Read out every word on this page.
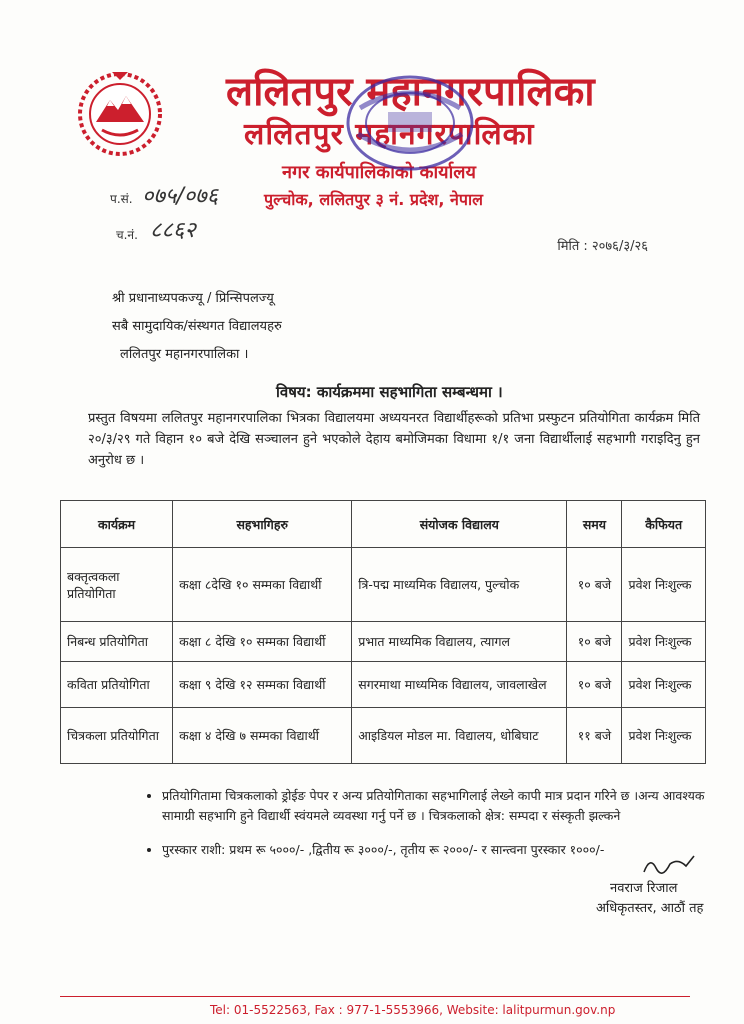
ललितपुर महानगरपालिका
ललितपुर महानगरपालिका
नगर कार्यपालिकाको कार्यालय
पुल्चोक, ललितपुर ३ नं. प्रदेश, नेपाल
प.सं. ०७५/०७६
च.नं. ८८६२
मिति : २०७६/३/२६
श्री प्रधानाध्यपकज्यू / प्रिन्सिपलज्यू
सबै सामुदायिक/संस्थगत विद्यालयहरु
ललितपुर महानगरपालिका ।
विषय: कार्यक्रममा सहभागिता सम्बन्धमा ।
प्रस्तुत विषयमा ललितपुर महानगरपालिका भित्रका विद्यालयमा अध्ययनरत विद्यार्थीहरूको प्रतिभा प्रस्फुटन प्रतियोगिता कार्यक्रम मिति २०/३/२९ गते विहान १० बजे देखि सञ्चालन हुने भएकोले देहाय बमोजिमका विधामा १/१ जना विद्यार्थीलाई सहभागी गराइदिनु हुन अनुरोध छ ।
कार्यक्रम	सहभागिहरु	संयोजक विद्यालय	समय	कैफियत
बक्तृत्वकला प्रतियोगिता	कक्षा ८देखि १० सम्मका विद्यार्थी	त्रि-पद्म माध्यमिक विद्यालय, पुल्चोक	१० बजे	प्रवेश निःशुल्क
निबन्ध प्रतियोगिता	कक्षा ८ देखि १० सम्मका विद्यार्थी	प्रभात माध्यमिक विद्यालय, त्यागल	१० बजे	प्रवेश निःशुल्क
कविता प्रतियोगिता	कक्षा ९ देखि १२ सम्मका विद्यार्थी	सगरमाथा माध्यमिक विद्यालय, जावलाखेल	१० बजे	प्रवेश निःशुल्क
चित्रकला प्रतियोगिता	कक्षा ४ देखि ७ सम्मका विद्यार्थी	आइडियल मोडल मा. विद्यालय, धोबिघाट	११ बजे	प्रवेश निःशुल्क
• प्रतियोगितामा चित्रकलाको ड्रोईङ पेपर र अन्य प्रतियोगिताका सहभागिलाई लेख्ने कापी मात्र प्रदान गरिने छ ।अन्य आवश्यक सामाग्री सहभागि हुने विद्यार्थी स्वंयमले व्यवस्था गर्नु पर्ने छ । चित्रकलाको क्षेत्र: सम्पदा र संस्कृती झल्कने
• पुरस्कार राशी: प्रथम रू ५०००/- ,द्वितीय रू ३०००/-, तृतीय रू २०००/- र सान्त्वना पुरस्कार १०००/-
नवराज रिजाल
अधिकृतस्तर, आठौं तह
Tel: 01-5522563, Fax : 977-1-5553966, Website: lalitpurmun.gov.np
